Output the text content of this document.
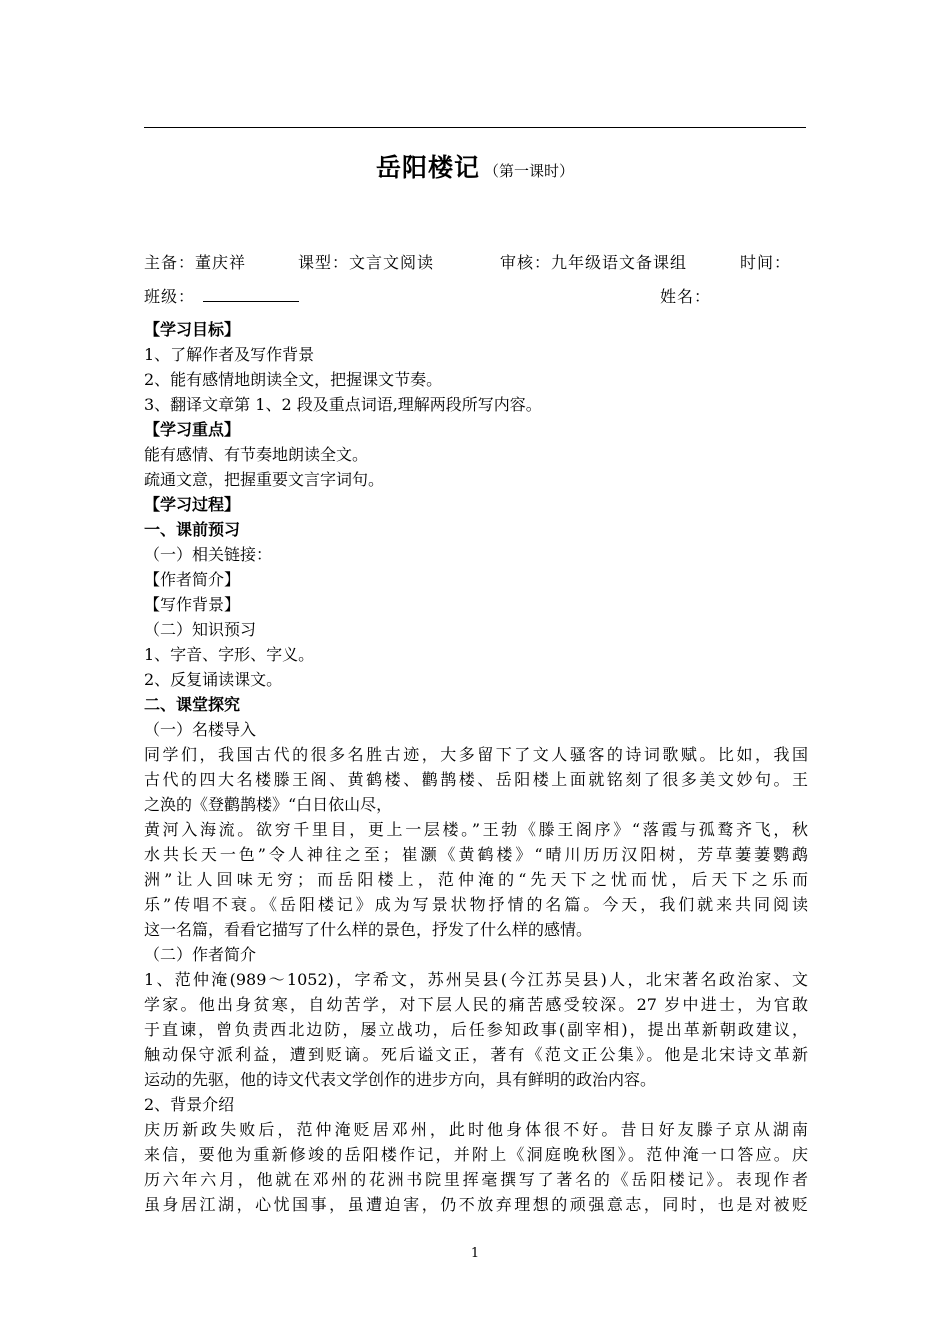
岳阳楼记 （第一课时）
主备：董庆祥	课型：文言文阅读	审核：九年级语文备课组	时间：
班级：	姓名：
【学习目标】
1、了解作者及写作背景
2、能有感情地朗读全文，把握课文节奏。
3、翻译文章第 1、2 段及重点词语,理解两段所写内容。
【学习重点】
能有感情、有节奏地朗读全文。
疏通文意，把握重要文言字词句。
【学习过程】
一、课前预习
（一）相关链接：
【作者简介】
【写作背景】
（二）知识预习
1、字音、字形、字义。
2、反复诵读课文。
二、课堂探究
（一）名楼导入
同学们，我国古代的很多名胜古迹，大多留下了文人骚客的诗词歌赋。比如，我国
古代的四大名楼滕王阁、黄鹤楼、鹳鹊楼、岳阳楼上面就铭刻了很多美文妙句。王
之涣的《登鹳鹊楼》“白日依山尽，
黄河入海流。欲穷千里目，更上一层楼。”王勃《滕王阁序》“落霞与孤鹜齐飞，秋
水共长天一色”令人神往之至；崔灏《黄鹤楼》“晴川历历汉阳树，芳草萋萋鹦鹉
洲”让人回味无穷；而岳阳楼上，范仲淹的“先天下之忧而忧，后天下之乐而
乐”传唱不衰。《岳阳楼记》成为写景状物抒情的名篇。今天，我们就来共同阅读
这一名篇，看看它描写了什么样的景色，抒发了什么样的感情。
（二）作者简介
1、范仲淹(989～1052)，字希文，苏州吴县(今江苏吴县)人，北宋著名政治家、文
学家。他出身贫寒，自幼苦学，对下层人民的痛苦感受较深。27 岁中进士，为官敢
于直谏，曾负责西北边防，屡立战功，后任参知政事(副宰相)，提出革新朝政建议，
触动保守派利益，遭到贬谪。死后谥文正，著有《范文正公集》。他是北宋诗文革新
运动的先驱，他的诗文代表文学创作的进步方向，具有鲜明的政治内容。
2、背景介绍
庆历新政失败后，范仲淹贬居邓州，此时他身体很不好。昔日好友滕子京从湖南
来信，要他为重新修竣的岳阳楼作记，并附上《洞庭晚秋图》。范仲淹一口答应。庆
历六年六月，他就在邓州的花洲书院里挥毫撰写了著名的《岳阳楼记》。表现作者
虽身居江湖，心忧国事，虽遭迫害，仍不放弃理想的顽强意志，同时，也是对被贬
1
